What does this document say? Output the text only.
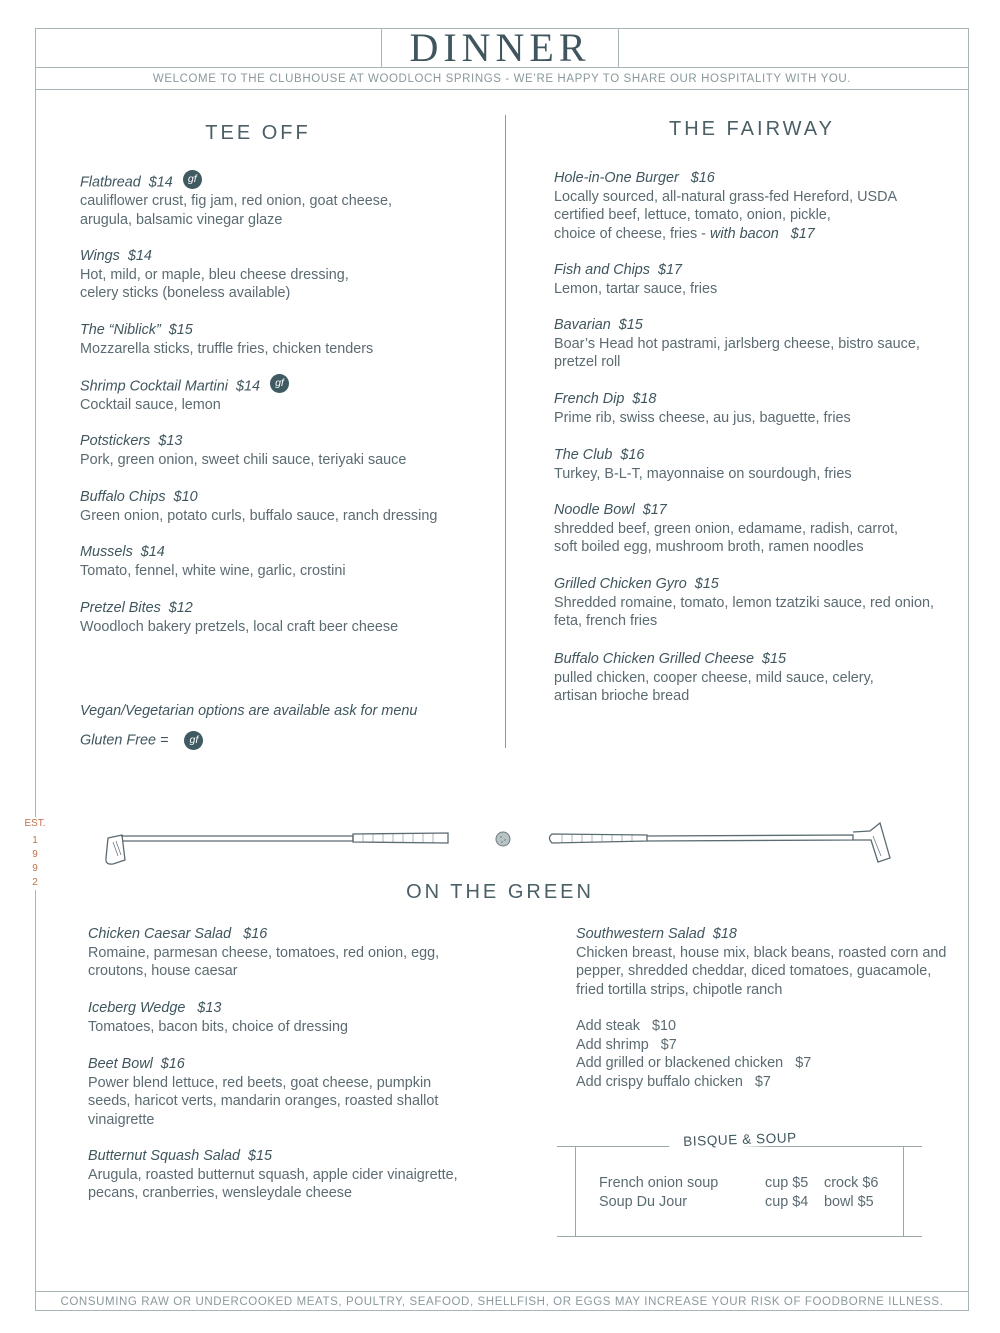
DINNER
WELCOME TO THE CLUBHOUSE AT WOODLOCH SPRINGS - WE’RE HAPPY TO SHARE OUR HOSPITALITY WITH YOU.
TEE OFF
Flatbread $14 gf
cauliflower crust, fig jam, red onion, goat cheese,
arugula, balsamic vinegar glaze
Wings $14
Hot, mild, or maple, bleu cheese dressing,
celery sticks (boneless available)
The “Niblick” $15
Mozzarella sticks, truffle fries, chicken tenders
Shrimp Cocktail Martini $14 gf
Cocktail sauce, lemon
Potstickers $13
Pork, green onion, sweet chili sauce, teriyaki sauce
Buffalo Chips $10
Green onion, potato curls, buffalo sauce, ranch dressing
Mussels $14
Tomato, fennel, white wine, garlic, crostini
Pretzel Bites $12
Woodloch bakery pretzels, local craft beer cheese
Vegan/Vegetarian options are available ask for menu
Gluten Free = gf
THE FAIRWAY
Hole-in-One Burger $16
Locally sourced, all-natural grass-fed Hereford, USDA
certified beef, lettuce, tomato, onion, pickle,
choice of cheese, fries - with bacon $17
Fish and Chips $17
Lemon, tartar sauce, fries
Bavarian $15
Boar’s Head hot pastrami, jarlsberg cheese, bistro sauce,
pretzel roll
French Dip $18
Prime rib, swiss cheese, au jus, baguette, fries
The Club $16
Turkey, B-L-T, mayonnaise on sourdough, fries
Noodle Bowl $17
shredded beef, green onion, edamame, radish, carrot,
soft boiled egg, mushroom broth, ramen noodles
Grilled Chicken Gyro $15
Shredded romaine, tomato, lemon tzatziki sauce, red onion,
feta, french fries
Buffalo Chicken Grilled Cheese $15
pulled chicken, cooper cheese, mild sauce, celery,
artisan brioche bread
EST.
1
9
9
2	ON THE GREEN
Chicken Caesar Salad $16
Romaine, parmesan cheese, tomatoes, red onion, egg,
croutons, house caesar
Iceberg Wedge $13
Tomatoes, bacon bits, choice of dressing
Beet Bowl $16
Power blend lettuce, red beets, goat cheese, pumpkin
seeds, haricot verts, mandarin oranges, roasted shallot
vinaigrette
Butternut Squash Salad $15
Arugula, roasted butternut squash, apple cider vinaigrette,
pecans, cranberries, wensleydale cheese
Southwestern Salad $18
Chicken breast, house mix, black beans, roasted corn and
pepper, shredded cheddar, diced tomatoes, guacamole,
fried tortilla strips, chipotle ranch
Add steak $10
Add shrimp $7
Add grilled or blackened chicken $7
Add crispy buffalo chicken $7
BISQUE & SOUP
French onion soup	cup $5 crock $6
Soup Du Jour	cup $4 bowl $5
CONSUMING RAW OR UNDERCOOKED MEATS, POULTRY, SEAFOOD, SHELLFISH, OR EGGS MAY INCREASE YOUR RISK OF FOODBORNE ILLNESS.
